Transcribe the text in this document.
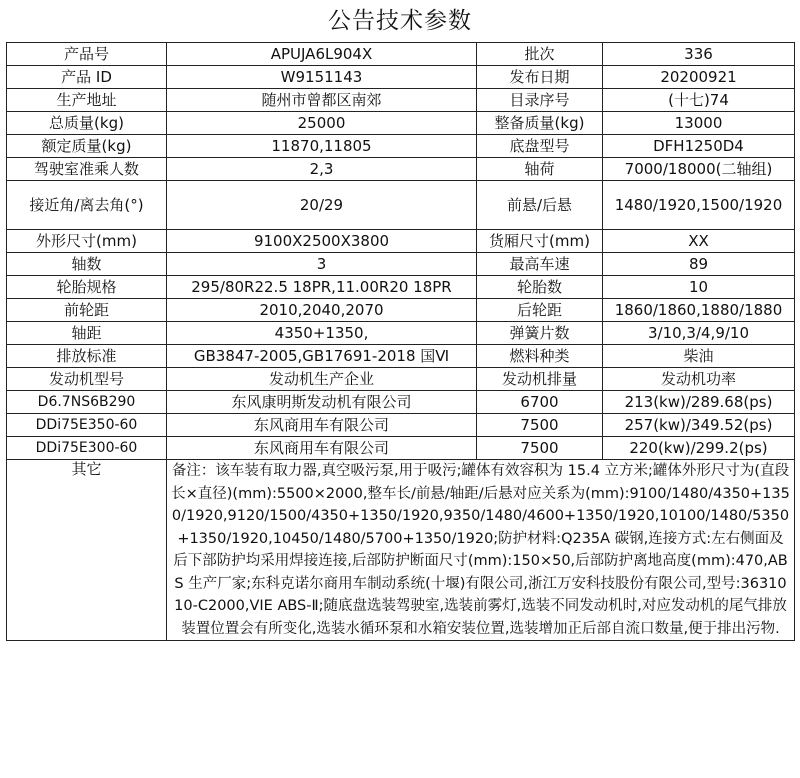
公告技术参数
产品号	APUJA6L904X	批次	336
产品 ID	W9151143	发布日期	20200921
生产地址	随州市曾都区南郊	目录序号	(十七)74
总质量(kg)	25000	整备质量(kg)	13000
额定质量(kg)	11870,11805	底盘型号	DFH1250D4
驾驶室准乘人数	2,3	轴荷	7000/18000(二轴组)
接近角/离去角(°)	20/29	前悬/后悬	1480/1920,1500/1920
外形尺寸(mm)	9100X2500X3800	货厢尺寸(mm)	XX
轴数	3	最高车速	89
轮胎规格	295/80R22.5 18PR,11.00R20 18PR	轮胎数	10
前轮距	2010,2040,2070	后轮距	1860/1860,1880/1880
轴距	4350+1350,	弹簧片数	3/10,3/4,9/10
排放标准	GB3847-2005,GB17691-2018 国Ⅵ	燃料种类	柴油
发动机型号	发动机生产企业	发动机排量	发动机功率
D6.7NS6B290	东风康明斯发动机有限公司	6700	213(kw)/289.68(ps)
DDi75E350-60	东风商用车有限公司	7500	257(kw)/349.52(ps)
DDi75E300-60	东风商用车有限公司	7500	220(kw)/299.2(ps)
其它	备注：该车装有取力器,真空吸污泵,用于吸污;罐体有效容积为 15.4 立方米;罐体外形尺寸为(直段长×直径)(mm):5500×2000,整车长/前悬/轴距/后悬对应关系为(mm):9100/1480/4350+1350/1920,9120/1500/4350+1350/1920,9350/1480/4600+1350/1920,10100/1480/5350+1350/1920,10450/1480/5700+1350/1920;防护材料:Q235A 碳钢,连接方式:左右侧面及后下部防护均采用焊接连接,后部防护断面尺寸(mm):150×50,后部防护离地高度(mm):470,ABS 生产厂家;东科克诺尔商用车制动系统(十堰)有限公司,浙江万安科技股份有限公司,型号:3631010-C2000,VIE ABS-Ⅱ;随底盘选装驾驶室,选装前雾灯,选装不同发动机时,对应发动机的尾气排放装置位置会有所变化,选装水循环泵和水箱安装位置,选装增加正后部自流口数量,便于排出污物.		
